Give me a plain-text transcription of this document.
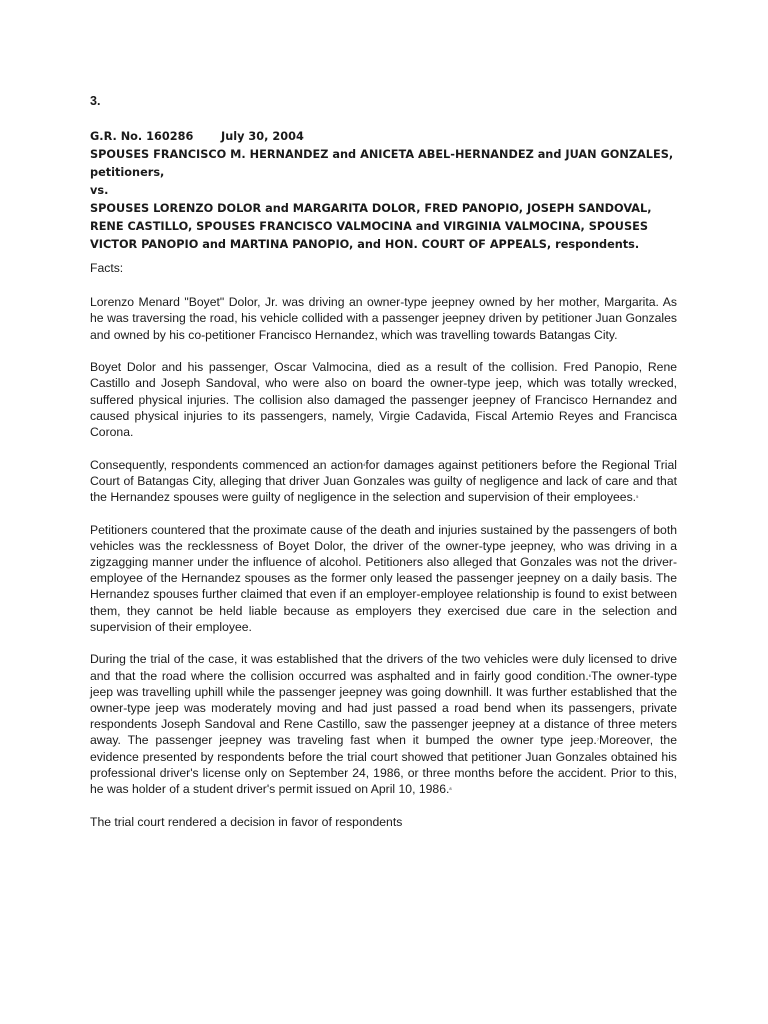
3.

G.R. No. 160286 July 30, 2004

SPOUSES FRANCISCO M. HERNANDEZ and ANICETA ABEL-HERNANDEZ and JUAN GONZALES, petitioners,

vs.

SPOUSES LORENZO DOLOR and MARGARITA DOLOR, FRED PANOPIO, JOSEPH SANDOVAL, RENE CASTILLO, SPOUSES FRANCISCO VALMOCINA and VIRGINIA VALMOCINA, SPOUSES VICTOR PANOPIO and MARTINA PANOPIO, and HON. COURT OF APPEALS, respondents.

Facts:

Lorenzo Menard "Boyet" Dolor, Jr. was driving an owner-type jeepney owned by her mother, Margarita. As he was traversing the road, his vehicle collided with a passenger jeepney driven by petitioner Juan Gonzales and owned by his co-petitioner Francisco Hernandez, which was travelling towards Batangas City.

Boyet Dolor and his passenger, Oscar Valmocina, died as a result of the collision. Fred Panopio, Rene Castillo and Joseph Sandoval, who were also on board the owner-type jeep, which was totally wrecked, suffered physical injuries. The collision also damaged the passenger jeepney of Francisco Hernandez and caused physical injuries to its passengers, namely, Virgie Cadavida, Fiscal Artemio Reyes and Francisca Corona.

Consequently, respondents commenced an action$^4$for damages against petitioners before the Regional Trial Court of Batangas City, alleging that driver Juan Gonzales was guilty of negligence and lack of care and that the Hernandez spouses were guilty of negligence in the selection and supervision of their employees.$^5$

Petitioners countered that the proximate cause of the death and injuries sustained by the passengers of both vehicles was the recklessness of Boyet Dolor, the driver of the owner-type jeepney, who was driving in a zigzagging manner under the influence of alcohol. Petitioners also alleged that Gonzales was not the driver-employee of the Hernandez spouses as the former only leased the passenger jeepney on a daily basis. The Hernandez spouses further claimed that even if an employer-employee relationship is found to exist between them, they cannot be held liable because as employers they exercised due care in the selection and supervision of their employee.

During the trial of the case, it was established that the drivers of the two vehicles were duly licensed to drive and that the road where the collision occurred was asphalted and in fairly good condition.$^6$The owner-type jeep was travelling uphill while the passenger jeepney was going downhill. It was further established that the owner-type jeep was moderately moving and had just passed a road bend when its passengers, private respondents Joseph Sandoval and Rene Castillo, saw the passenger jeepney at a distance of three meters away. The passenger jeepney was traveling fast when it bumped the owner type jeep.$^7$Moreover, the evidence presented by respondents before the trial court showed that petitioner Juan Gonzales obtained his professional driver's license only on September 24, 1986, or three months before the accident. Prior to this, he was holder of a student driver's permit issued on April 10, 1986.$^8$

The trial court rendered a decision in favor of respondents
